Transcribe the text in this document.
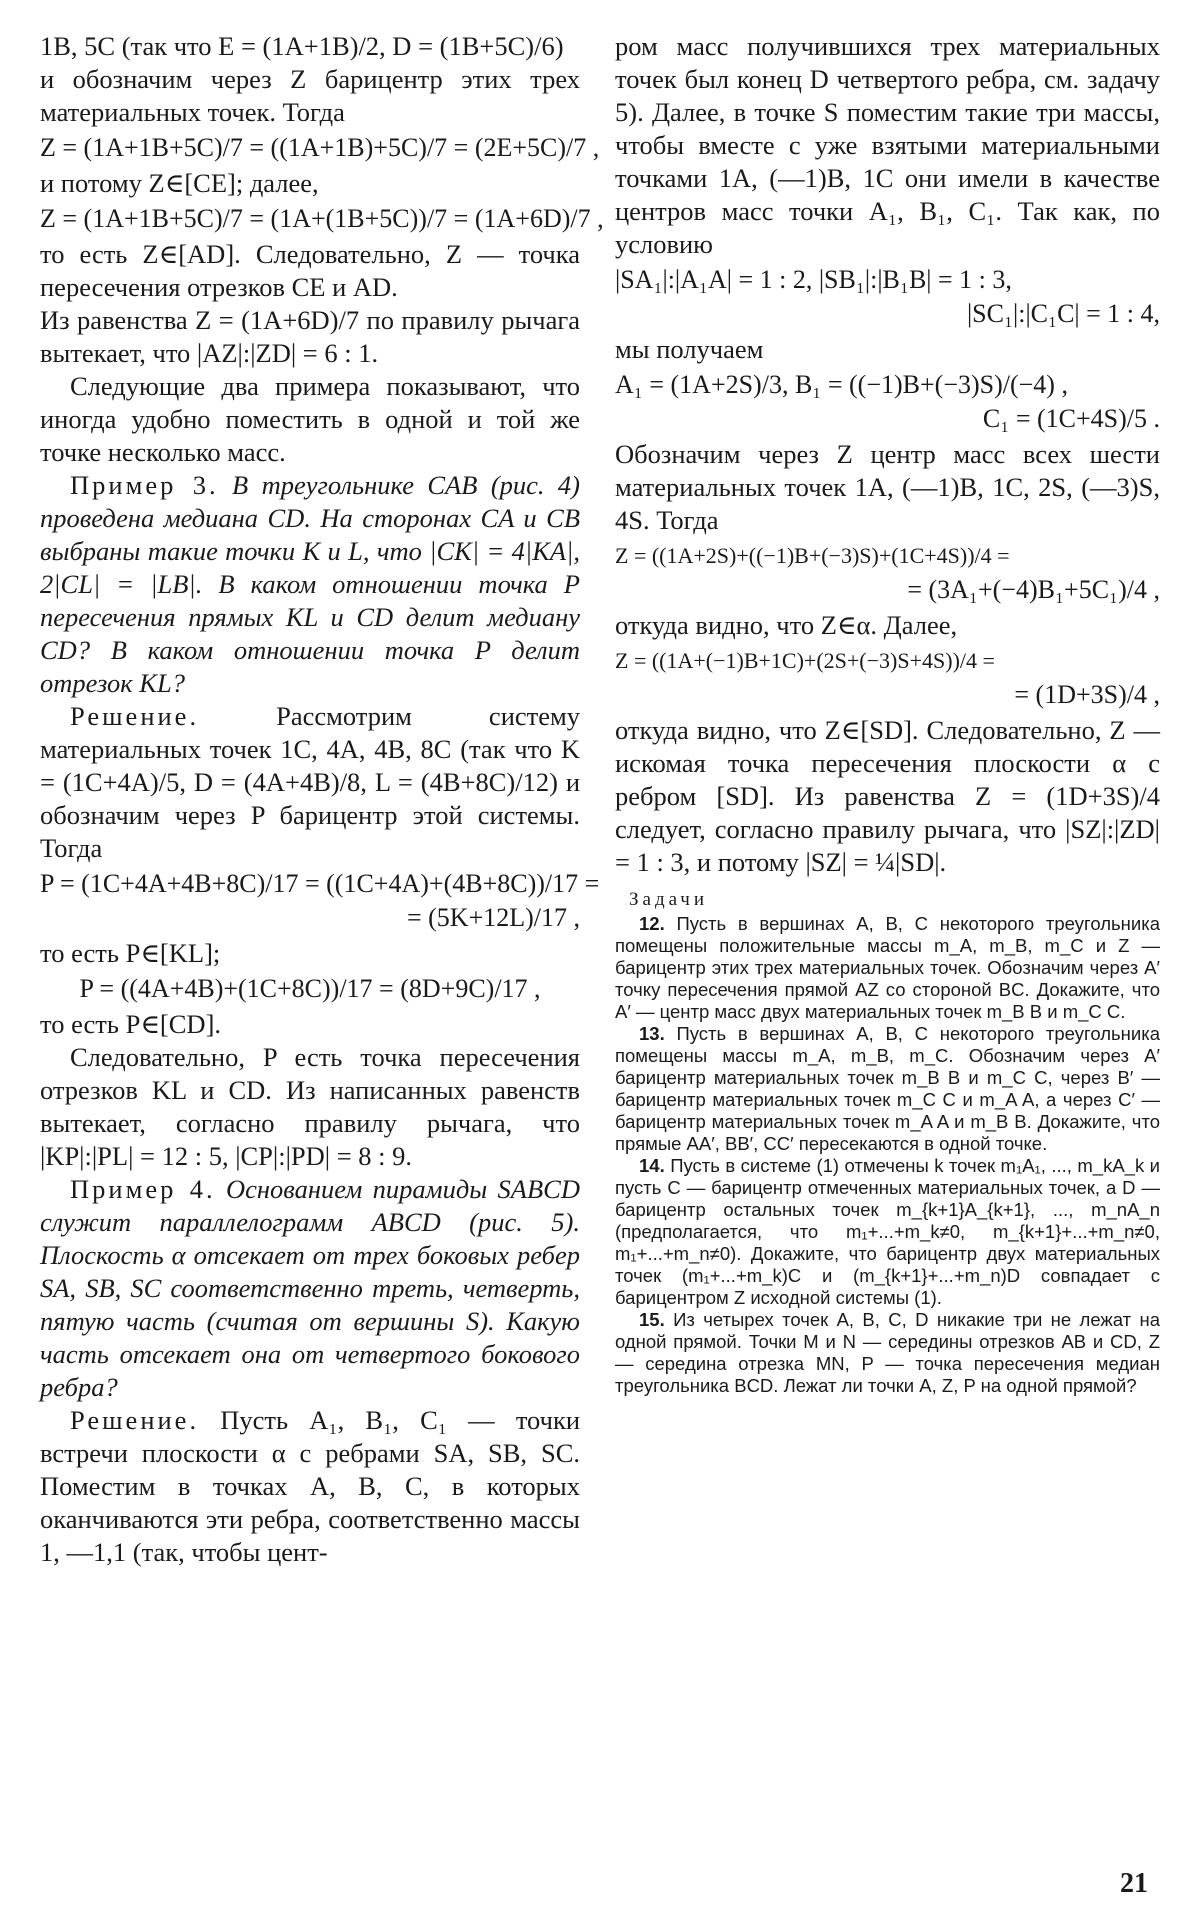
1B, 5C (так что E = (1A+1B)/2, D = (1B+5C)/6)
и обозначим через Z барицентр этих трех материальных точек. Тогда
Z = (1A+1B+5C)/7 = ((1A+1B)+5C)/7 = (2E+5C)/7 ,
и потому Z∈[CE]; далее,
Z = (1A+1B+5C)/7 = (1A+(1B+5C))/7 = (1A+6D)/7 ,
то есть Z∈[AD]. Следовательно, Z — точка пересечения отрезков CE и AD.
Из равенства Z = (1A+6D)/7 по правилу рычага вытекает, что |AZ|:|ZD| = 6 : 1.
Следующие два примера показывают, что иногда удобно поместить в одной и той же точке несколько масс.
Пример 3. В треугольнике CAB (рис. 4) проведена медиана CD. На сторонах CA и CB выбраны такие точки K и L, что |CK| = 4|KA|, 2|CL| = |LB|. В каком отношении точка P пересечения прямых KL и CD делит медиану CD? В каком отношении точка P делит отрезок KL?
Решение.	Рассмотрим систему материальных точек 1C, 4A, 4B, 8C (так что K = (1C+4A)/5, D = (4A+4B)/8, L = (4B+8C)/12) и обозначим через P барицентр этой системы. Тогда
P = (1C+4A+4B+8C)/17 = ((1C+4A)+(4B+8C))/17 =
= (5K+12L)/17 ,
то есть P∈[KL];
P = ((4A+4B)+(1C+8C))/17 = (8D+9C)/17 ,
то есть P∈[CD].
Следовательно, P есть точка пересечения отрезков KL и CD. Из написанных равенств вытекает, согласно правилу рычага, что |KP|:|PL| = 12 : 5, |CP|:|PD| = 8 : 9.
Пример 4. Основанием пирамиды SABCD служит параллелограмм ABCD (рис. 5). Плоскость α отсекает от трех боковых ребер SA, SB, SC соответственно треть, четверть, пятую часть (считая от вершины S). Какую часть отсекает она от четвертого бокового ребра?
Решение. Пусть A₁, B₁, C₁ — точки встречи плоскости α с ребрами SA, SB, SC. Поместим в точках A, B, C, в которых оканчиваются эти ребра, соответственно массы 1, —1,1 (так, чтобы цент-
ром масс получившихся трех материальных точек был конец D четвертого ребра, см. задачу 5). Далее, в точке S поместим такие три массы, чтобы вместе с уже взятыми материальными точками 1A, (—1)B, 1C они имели в качестве центров масс точки A₁, B₁, C₁. Так как, по условию
|SA₁|:|A₁A| = 1 : 2, |SB₁|:|B₁B| = 1 : 3,
|SC₁|:|C₁C| = 1 : 4,
мы получаем
A₁ = (1A+2S)/3, B₁ = ((−1)B+(−3)S)/(−4) ,
C₁ = (1C+4S)/5 .
Обозначим через Z центр масс всех шести материальных точек 1A, (—1)B, 1C, 2S, (—3)S, 4S. Тогда
Z = ((1A+2S)+((−1)B+(−3)S)+(1C+4S))/4 =
= (3A₁+(−4)B₁+5C₁)/4 ,
откуда видно, что Z∈α. Далее,
Z = ((1A+(−1)B+1C)+(2S+(−3)S+4S))/4 =
= (1D+3S)/4 ,
откуда видно, что Z∈[SD]. Следовательно, Z — искомая точка пересечения плоскости α с ребром [SD]. Из равенства Z = (1D+3S)/4 следует, согласно правилу рычага, что |SZ|:|ZD| = 1 : 3, и потому |SZ| = ¼|SD|.
Задачи
12. Пусть в вершинах A, B, C некоторого треугольника помещены положительные массы m_A, m_B, m_C и Z — барицентр этих трех материальных точек. Обозначим через A′ точку пересечения прямой AZ со стороной BC. Докажите, что A′ — центр масс двух материальных точек m_B B и m_C C.
13. Пусть в вершинах A, B, C некоторого треугольника помещены массы m_A, m_B, m_C. Обозначим через A′ барицентр материальных точек m_B B и m_C C, через B′ — барицентр материальных точек m_C C и m_A A, а через C′ — барицентр материальных точек m_A A и m_B B. Докажите, что прямые AA′, BB′, CC′ пересекаются в одной точке.
14. Пусть в системе (1) отмечены k точек m₁A₁, ..., m_kA_k и пусть C — барицентр отмеченных материальных точек, а D — барицентр остальных точек m_{k+1}A_{k+1}, ..., m_nA_n (предполагается, что m₁+...+m_k≠0, m_{k+1}+...+m_n≠0, m₁+...+m_n≠0). Докажите, что барицентр двух материальных точек (m₁+...+m_k)C и (m_{k+1}+...+m_n)D совпадает с барицентром Z исходной системы (1).
15. Из четырех точек A, B, C, D никакие три не лежат на одной прямой. Точки M и N — середины отрезков AB и CD, Z — середина отрезка MN, P — точка пересечения медиан треугольника BCD. Лежат ли точки A, Z, P на одной прямой?
21
